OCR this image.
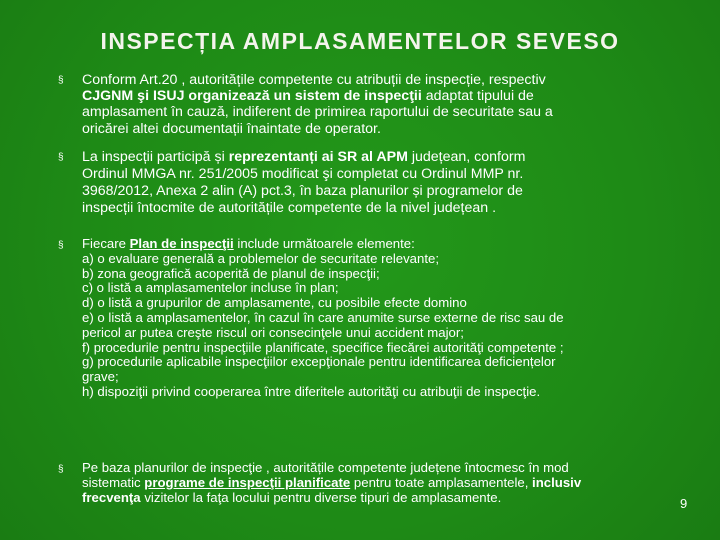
INSPECȚIA AMPLASAMENTELOR SEVESO
§ Conform Art.20 , autoritățile competente cu atribuții de inspecție, respectiv
CJGNM şi ISUJ organizează un sistem de inspecţii adaptat tipului de
amplasament în cauză, indiferent de primirea raportului de securitate sau a
oricărei altei documentații înaintate de operator.
§ La inspecții participă și reprezentanți ai SR al APM județean, conform
Ordinul MMGA nr. 251/2005 modificat şi completat cu Ordinul MMP nr.
3968/2012, Anexa 2 alin (A) pct.3, în baza planurilor și programelor de
inspecții întocmite de autoritățile competente de la nivel județean .
§ Fiecare Plan de inspecţii include următoarele elemente:
a) o evaluare generală a problemelor de securitate relevante;
b) zona geografică acoperită de planul de inspecţii;
c) o listă a amplasamentelor incluse în plan;
d) o listă a grupurilor de amplasamente, cu posibile efecte domino
e) o listă a amplasamentelor, în cazul în care anumite surse externe de risc sau de
pericol ar putea creşte riscul ori consecinţele unui accident major;
f) procedurile pentru inspecţiile planificate, specifice fiecărei autorităţi competente ;
g) procedurile aplicabile inspecţiilor excepţionale pentru identificarea deficiențelor
grave;
h) dispoziţii privind cooperarea între diferitele autorităţi cu atribuţii de inspecţie.
§ Pe baza planurilor de inspecţie , autoritățile competente județene întocmesc în mod
sistematic programe de inspecţii planificate pentru toate amplasamentele, inclusiv
frecvenţa vizitelor la faţa locului pentru diverse tipuri de amplasamente.	9
